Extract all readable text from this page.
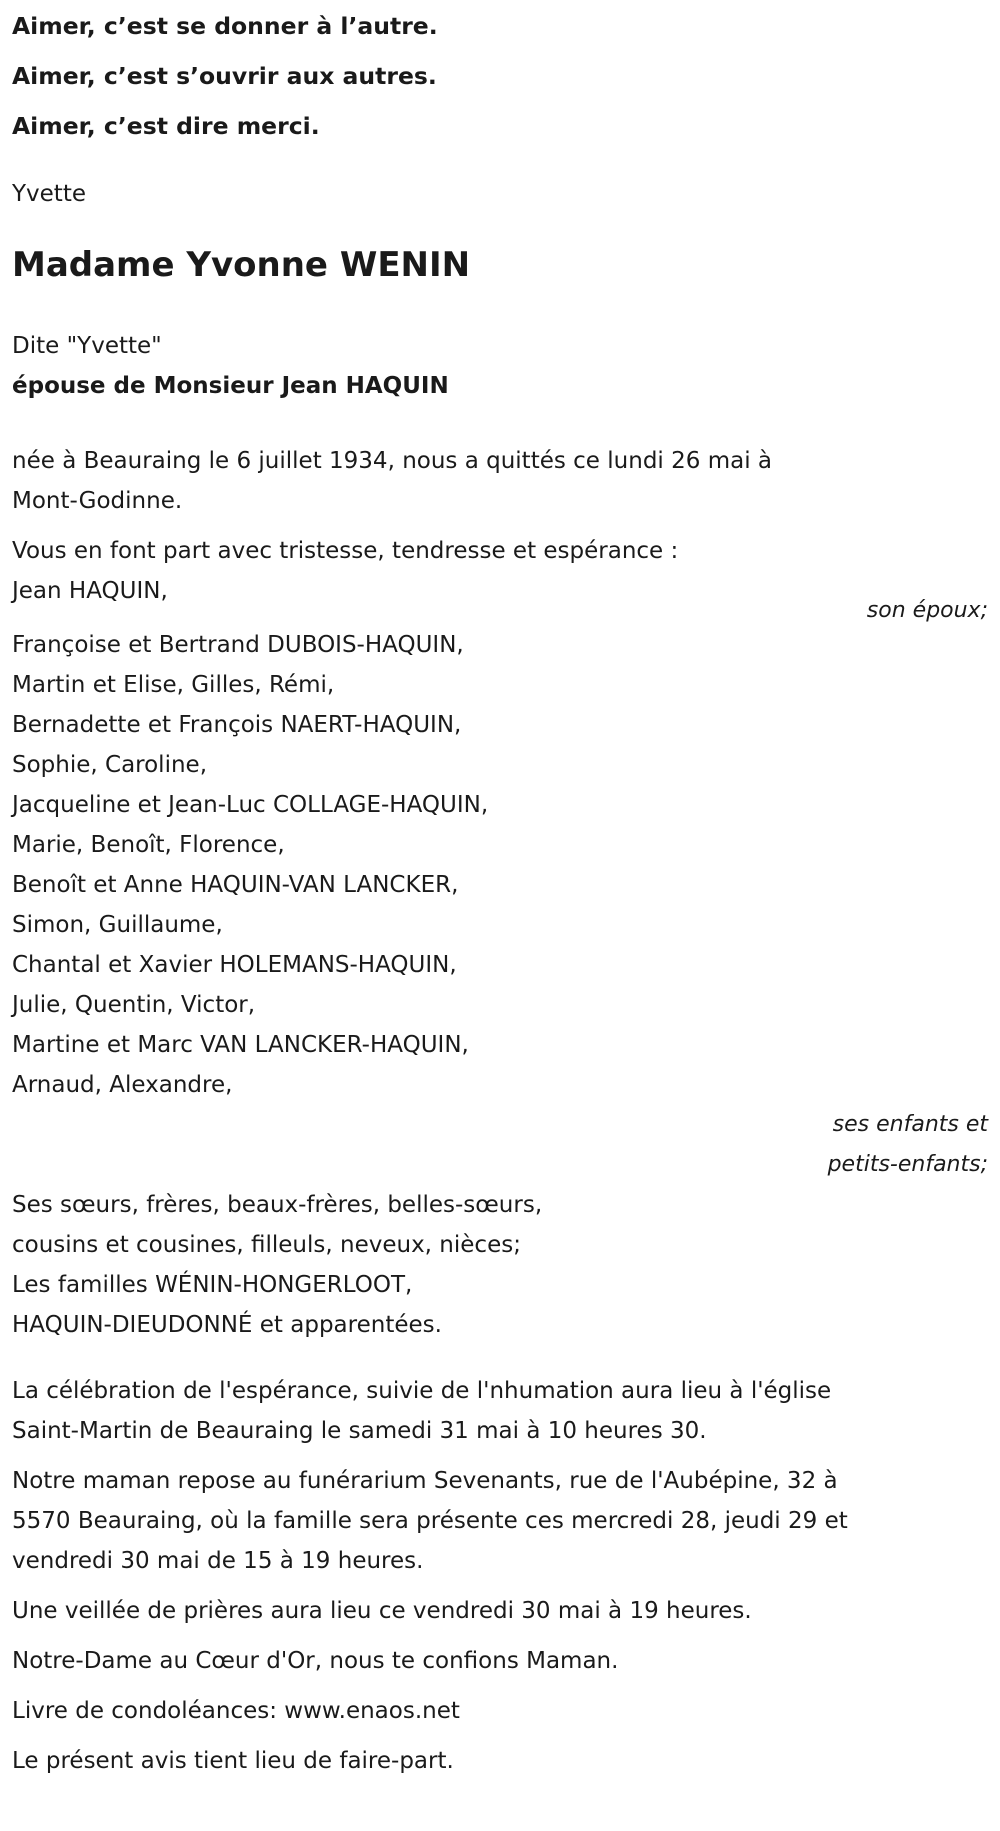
Aimer, c’est se donner à l’autre.

Aimer, c’est s’ouvrir aux autres.

Aimer, c’est dire merci.

Yvette
Madame Yvonne WENIN
Dite "Yvette"
épouse de Monsieur Jean HAQUIN
née à Beauraing le 6 juillet 1934, nous a quittés ce lundi 26 mai à
Mont-Godinne.
Vous en font part avec tristesse, tendresse et espérance :
Jean HAQUIN,
son époux;
Françoise et Bertrand DUBOIS-HAQUIN,
Martin et Elise, Gilles, Rémi,
Bernadette et François NAERT-HAQUIN,
Sophie, Caroline,
Jacqueline et Jean-Luc COLLAGE-HAQUIN,
Marie, Benoît, Florence,
Benoît et Anne HAQUIN-VAN LANCKER,
Simon, Guillaume,
Chantal et Xavier HOLEMANS-HAQUIN,
Julie, Quentin, Victor,
Martine et Marc VAN LANCKER-HAQUIN,
Arnaud, Alexandre,
ses enfants et
petits-enfants;
Ses sœurs, frères, beaux-frères, belles-sœurs,
cousins et cousines, filleuls, neveux, nièces;
Les familles WÉNIN-HONGERLOOT,
HAQUIN-DIEUDONNÉ et apparentées.
La célébration de l'espérance, suivie de l'nhumation aura lieu à l'église
Saint-Martin de Beauraing le samedi 31 mai à 10 heures 30.
Notre maman repose au funérarium Sevenants, rue de l'Aubépine, 32 à
5570 Beauraing, où la famille sera présente ces mercredi 28, jeudi 29 et
vendredi 30 mai de 15 à 19 heures.
Une veillée de prières aura lieu ce vendredi 30 mai à 19 heures.
Notre-Dame au Cœur d'Or, nous te confions Maman.
Livre de condoléances: www.enaos.net
Le présent avis tient lieu de faire-part.
